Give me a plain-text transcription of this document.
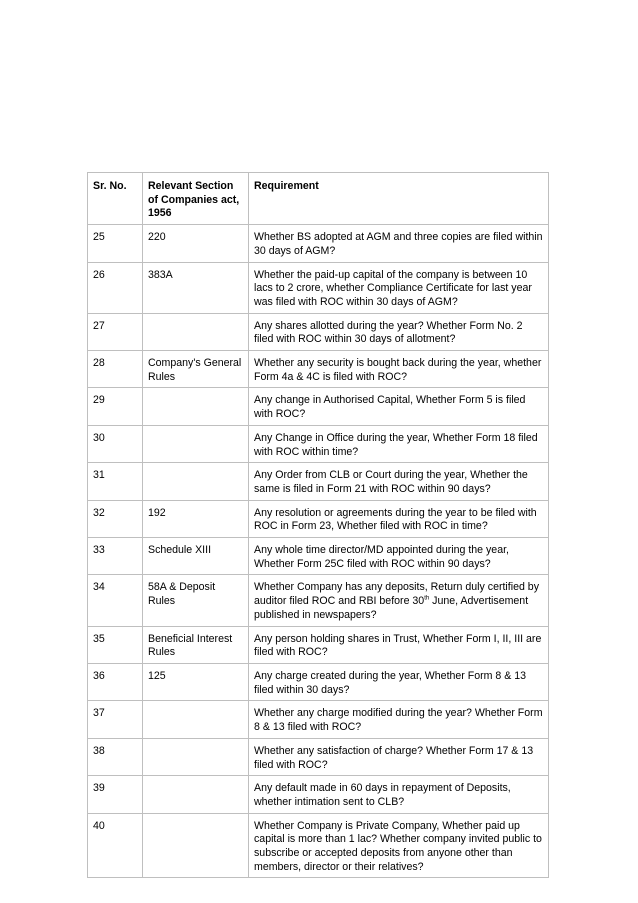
Sr. No.	Relevant Section of Companies act, 1956	Requirement
25	220	Whether BS adopted at AGM and three copies are filed within 30 days of AGM?
26	383A	Whether the paid-up capital of the company is between 10 lacs to 2 crore, whether Compliance Certificate for last year was filed with ROC within 30 days of AGM?
27		Any shares allotted during the year? Whether Form No. 2 filed with ROC within 30 days of allotment?
28	Company's General Rules	Whether any security is bought back during the year, whether Form 4a & 4C is filed with ROC?
29		Any change in Authorised Capital, Whether Form 5 is filed with ROC?
30		Any Change in Office during the year, Whether Form 18 filed with ROC within time?
31		Any Order from CLB or Court during the year, Whether the same is filed in Form 21 with ROC within 90 days?
32	192	Any resolution or agreements during the year to be filed with ROC in Form 23, Whether filed with ROC in time?
33	Schedule XIII	Any whole time director/MD appointed during the year, Whether Form 25C filed with ROC within 90 days?
34	58A & Deposit Rules	Whether Company has any deposits, Return duly certified by auditor filed ROC and RBI before 30th June, Advertisement published in newspapers?
35	Beneficial Interest Rules	Any person holding shares in Trust, Whether Form I, II, III are filed with ROC?
36	125	Any charge created during the year, Whether Form 8 & 13 filed within 30 days?
37		Whether any charge modified during the year? Whether Form 8 & 13 filed with ROC?
38		Whether any satisfaction of charge? Whether Form 17 & 13 filed with ROC?
39		Any default made in 60 days in repayment of Deposits, whether intimation sent to CLB?
40		Whether Company is Private Company, Whether paid up capital is more than 1 lac? Whether company invited public to subscribe or accepted deposits from anyone other than members, director or their relatives?
